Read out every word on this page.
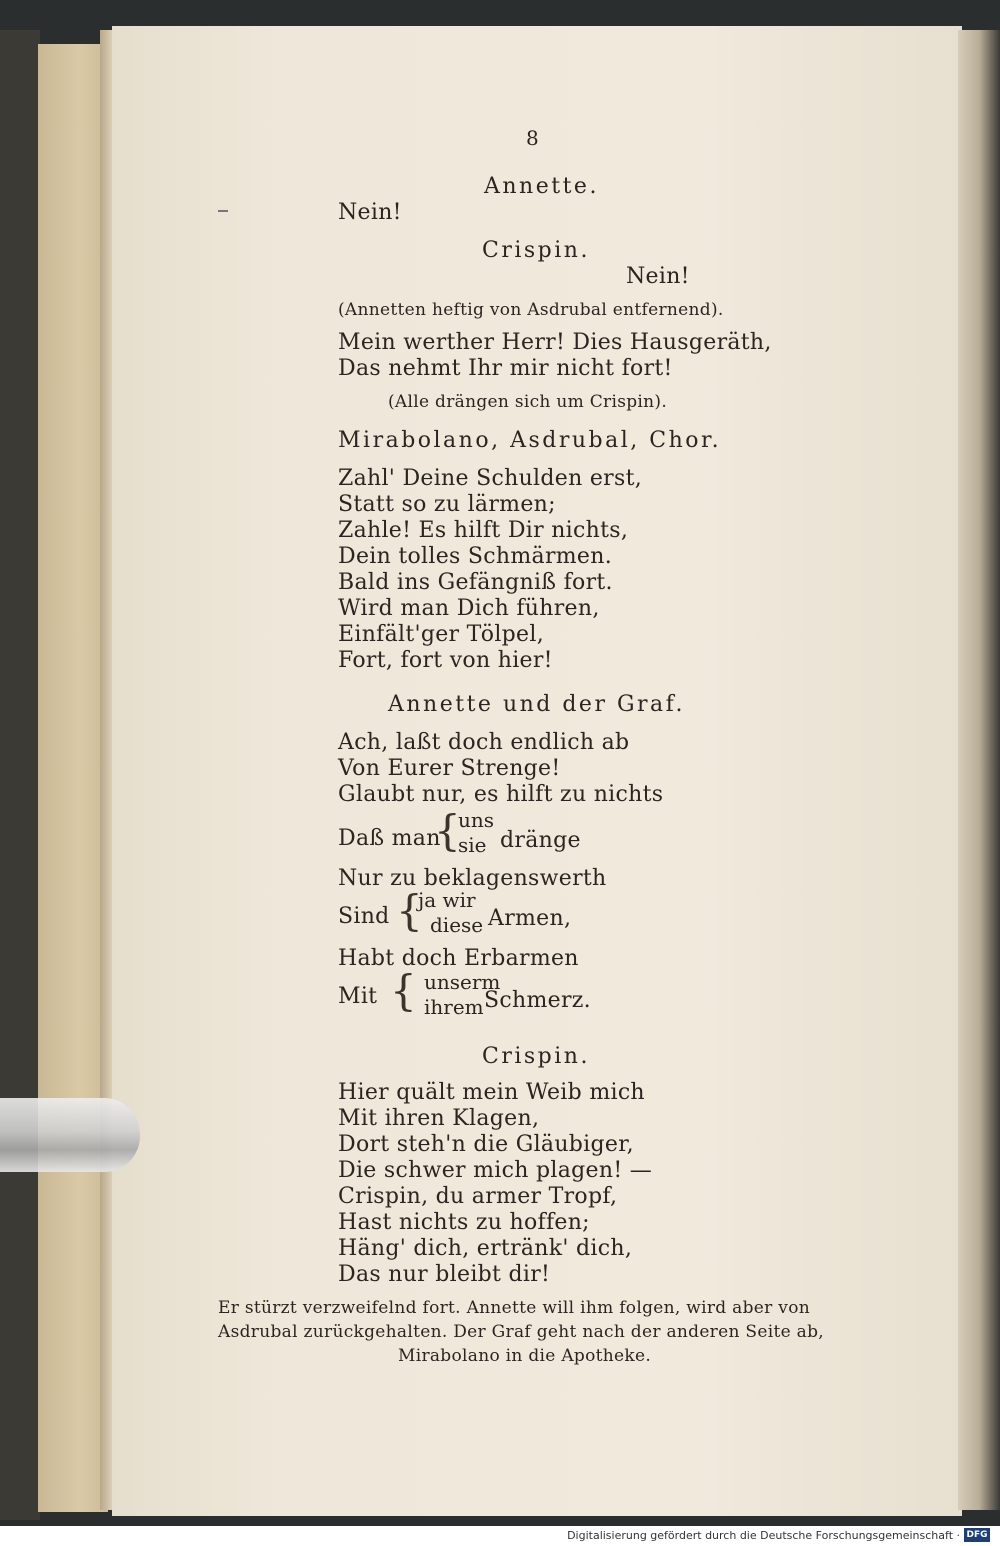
8
Annette.
Nein!
Crispin.
Nein!
(Annetten heftig von Asdrubal entfernend).
Mein werther Herr! Dies Hausgeräth,
Das nehmt Ihr mir nicht fort!
(Alle drängen sich um Crispin).
Mirabolano, Asdrubal, Chor.
Zahl' Deine Schulden erst,
Statt so zu lärmen;
Zahle! Es hilft Dir nichts,
Dein tolles Schmärmen.
Bald ins Gefängniß fort.
Wird man Dich führen,
Einfält'ger Tölpel,
Fort, fort von hier!
Annette und der Graf.
Ach, laßt doch endlich ab
Von Eurer Strenge!
Glaubt nur, es hilft zu nichts
Daß man
{
uns
sie dränge
Nur zu beklagenswerth
Sind {
ja wir
diese Armen,
Habt doch Erbarmen
Mit { unserm
ihrem Schmerz.
Crispin.
Hier quält mein Weib mich
Mit ihren Klagen,
Dort steh'n die Gläubiger,
Die schwer mich plagen! —
Crispin, du armer Tropf,
Hast nichts zu hoffen;
Häng' dich, ertränk' dich,
Das nur bleibt dir!
Er stürzt verzweifelnd fort. Annette will ihm folgen, wird aber von
Asdrubal zurückgehalten. Der Graf geht nach der anderen Seite ab,
Mirabolano in die Apotheke.
Digitalisierung gefördert durch die Deutsche Forschungsgemeinschaft · DFG
